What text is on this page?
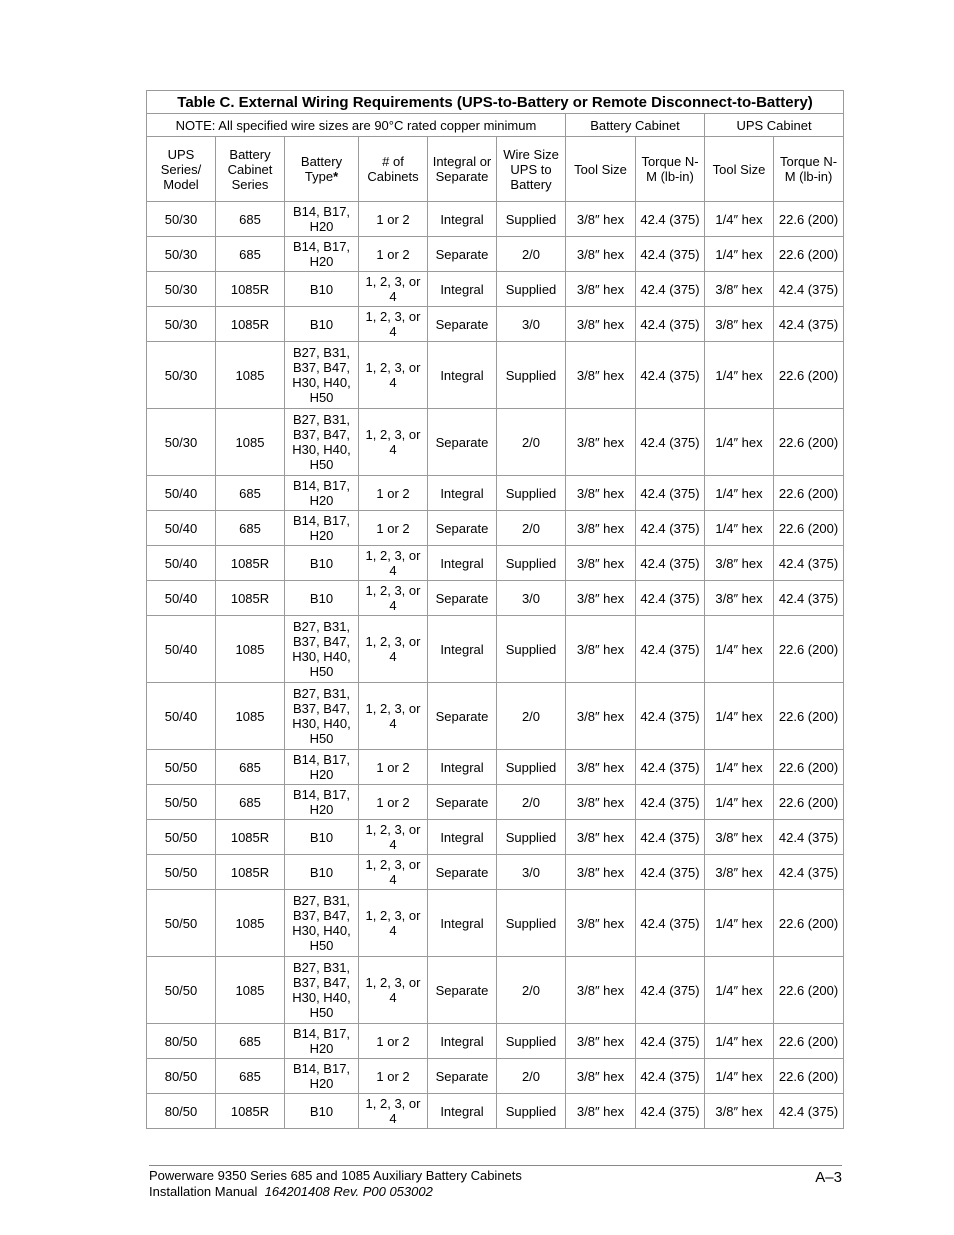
Table C. External Wiring Requirements (UPS-to-Battery or Remote Disconnect-to-Battery)									
NOTE: All specified wire sizes are 90°C rated copper minimum						Battery Cabinet		UPS Cabinet	
UPS Series/ Model	Battery Cabinet Series	Battery Type*	# of Cabinets	Integral or Separate	Wire Size UPS to Battery	Tool Size	Torque N-M (lb-in)	Tool Size	Torque N-M (lb-in)
50/30	685	B14, B17, H20	1 or 2	Integral	Supplied	3/8″ hex	42.4 (375)	1/4″ hex	22.6 (200)
50/30	685	B14, B17, H20	1 or 2	Separate	2/0	3/8″ hex	42.4 (375)	1/4″ hex	22.6 (200)
50/30	1085R	B10	1, 2, 3, or 4	Integral	Supplied	3/8″ hex	42.4 (375)	3/8″ hex	42.4 (375)
50/30	1085R	B10	1, 2, 3, or 4	Separate	3/0	3/8″ hex	42.4 (375)	3/8″ hex	42.4 (375)
50/30	1085	B27, B31, B37, B47, H30, H40, H50	1, 2, 3, or 4	Integral	Supplied	3/8″ hex	42.4 (375)	1/4″ hex	22.6 (200)
50/30	1085	B27, B31, B37, B47, H30, H40, H50	1, 2, 3, or 4	Separate	2/0	3/8″ hex	42.4 (375)	1/4″ hex	22.6 (200)
50/40	685	B14, B17, H20	1 or 2	Integral	Supplied	3/8″ hex	42.4 (375)	1/4″ hex	22.6 (200)
50/40	685	B14, B17, H20	1 or 2	Separate	2/0	3/8″ hex	42.4 (375)	1/4″ hex	22.6 (200)
50/40	1085R	B10	1, 2, 3, or 4	Integral	Supplied	3/8″ hex	42.4 (375)	3/8″ hex	42.4 (375)
50/40	1085R	B10	1, 2, 3, or 4	Separate	3/0	3/8″ hex	42.4 (375)	3/8″ hex	42.4 (375)
50/40	1085	B27, B31, B37, B47, H30, H40, H50	1, 2, 3, or 4	Integral	Supplied	3/8″ hex	42.4 (375)	1/4″ hex	22.6 (200)
50/40	1085	B27, B31, B37, B47, H30, H40, H50	1, 2, 3, or 4	Separate	2/0	3/8″ hex	42.4 (375)	1/4″ hex	22.6 (200)
50/50	685	B14, B17, H20	1 or 2	Integral	Supplied	3/8″ hex	42.4 (375)	1/4″ hex	22.6 (200)
50/50	685	B14, B17, H20	1 or 2	Separate	2/0	3/8″ hex	42.4 (375)	1/4″ hex	22.6 (200)
50/50	1085R	B10	1, 2, 3, or 4	Integral	Supplied	3/8″ hex	42.4 (375)	3/8″ hex	42.4 (375)
50/50	1085R	B10	1, 2, 3, or 4	Separate	3/0	3/8″ hex	42.4 (375)	3/8″ hex	42.4 (375)
50/50	1085	B27, B31, B37, B47, H30, H40, H50	1, 2, 3, or 4	Integral	Supplied	3/8″ hex	42.4 (375)	1/4″ hex	22.6 (200)
50/50	1085	B27, B31, B37, B47, H30, H40, H50	1, 2, 3, or 4	Separate	2/0	3/8″ hex	42.4 (375)	1/4″ hex	22.6 (200)
80/50	685	B14, B17, H20	1 or 2	Integral	Supplied	3/8″ hex	42.4 (375)	1/4″ hex	22.6 (200)
80/50	685	B14, B17, H20	1 or 2	Separate	2/0	3/8″ hex	42.4 (375)	1/4″ hex	22.6 (200)
80/50	1085R	B10	1, 2, 3, or 4	Integral	Supplied	3/8″ hex	42.4 (375)	3/8″ hex	42.4 (375)
Powerware 9350 Series 685 and 1085 Auxiliary Battery Cabinets
Installation Manual 164201408 Rev. P00 053002
A–3
